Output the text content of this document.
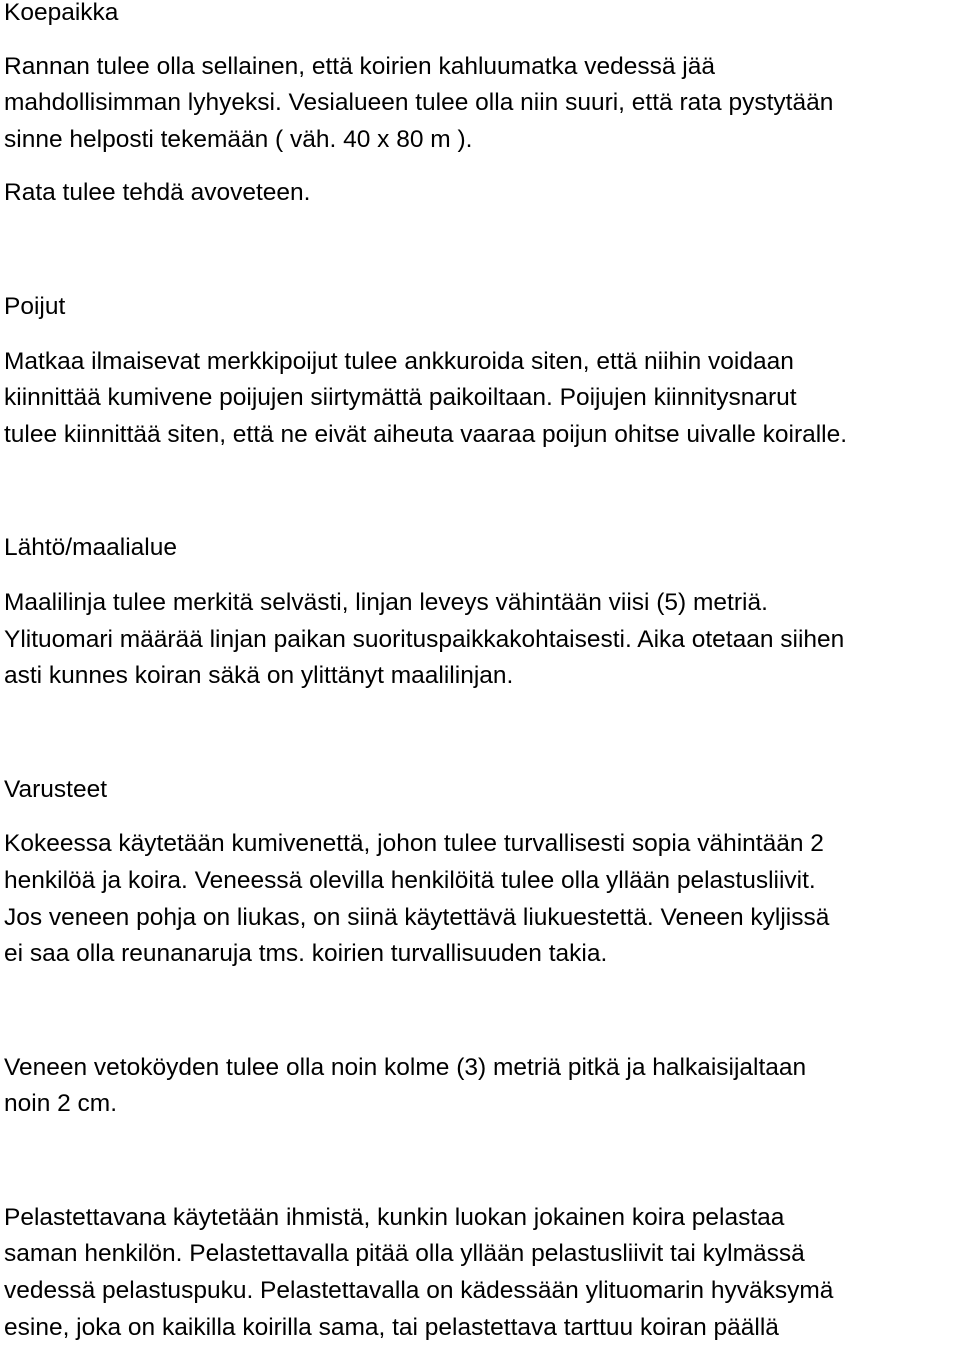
Koepaikka
Rannan tulee olla sellainen, että koirien kahluumatka vedessä jää
mahdollisimman lyhyeksi. Vesialueen tulee olla niin suuri, että rata pystytään
sinne helposti tekemään ( väh. 40 x 80 m ).
Rata tulee tehdä avoveteen.
Poijut
Matkaa ilmaisevat merkkipoijut tulee ankkuroida siten, että niihin voidaan
kiinnittää kumivene poijujen siirtymättä paikoiltaan. Poijujen kiinnitysnarut
tulee kiinnittää siten, että ne eivät aiheuta vaaraa poijun ohitse uivalle koiralle.
Lähtö/maalialue
Maalilinja tulee merkitä selvästi, linjan leveys vähintään viisi (5) metriä.
Ylituomari määrää linjan paikan suorituspaikkakohtaisesti. Aika otetaan siihen
asti kunnes koiran säkä on ylittänyt maalilinjan.
Varusteet
Kokeessa käytetään kumivenettä, johon tulee turvallisesti sopia vähintään 2
henkilöä ja koira. Veneessä olevilla henkilöitä tulee olla yllään pelastusliivit.
Jos veneen pohja on liukas, on siinä käytettävä liukuestettä. Veneen kyljissä
ei saa olla reunanaruja tms. koirien turvallisuuden takia.
Veneen vetoköyden tulee olla noin kolme (3) metriä pitkä ja halkaisijaltaan
noin 2 cm.
Pelastettavana käytetään ihmistä, kunkin luokan jokainen koira pelastaa
saman henkilön. Pelastettavalla pitää olla yllään pelastusliivit tai kylmässä
vedessä pelastuspuku. Pelastettavalla on kädessään ylituomarin hyväksymä
esine, joka on kaikilla koirilla sama, tai pelastettava tarttuu koiran päällä
